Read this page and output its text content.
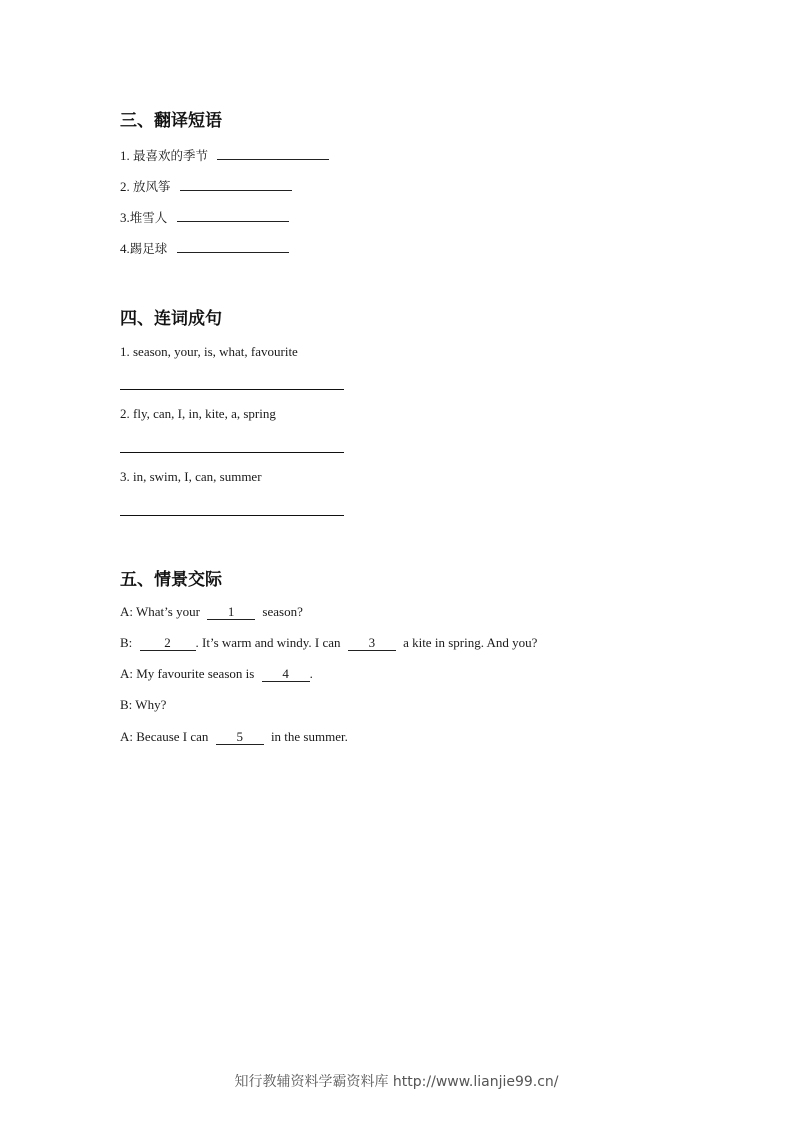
三、翻译短语
1. 最喜欢的季节
2. 放风筝
3.堆雪人
4.踢足球
四、连词成句
1. season, your, is, what, favourite
2. fly, can, I, in, kite, a, spring
3. in, swim, I, can, summer
五、情景交际
A: What’s your 1 season?
B: 2 . It’s warm and windy. I can 3 a kite in spring. And you?
A: My favourite season is 4 .
B: Why?
A: Because I can 5 in the summer.
知行教辅资料学霸资料库 http://www.lianjie99.cn/
